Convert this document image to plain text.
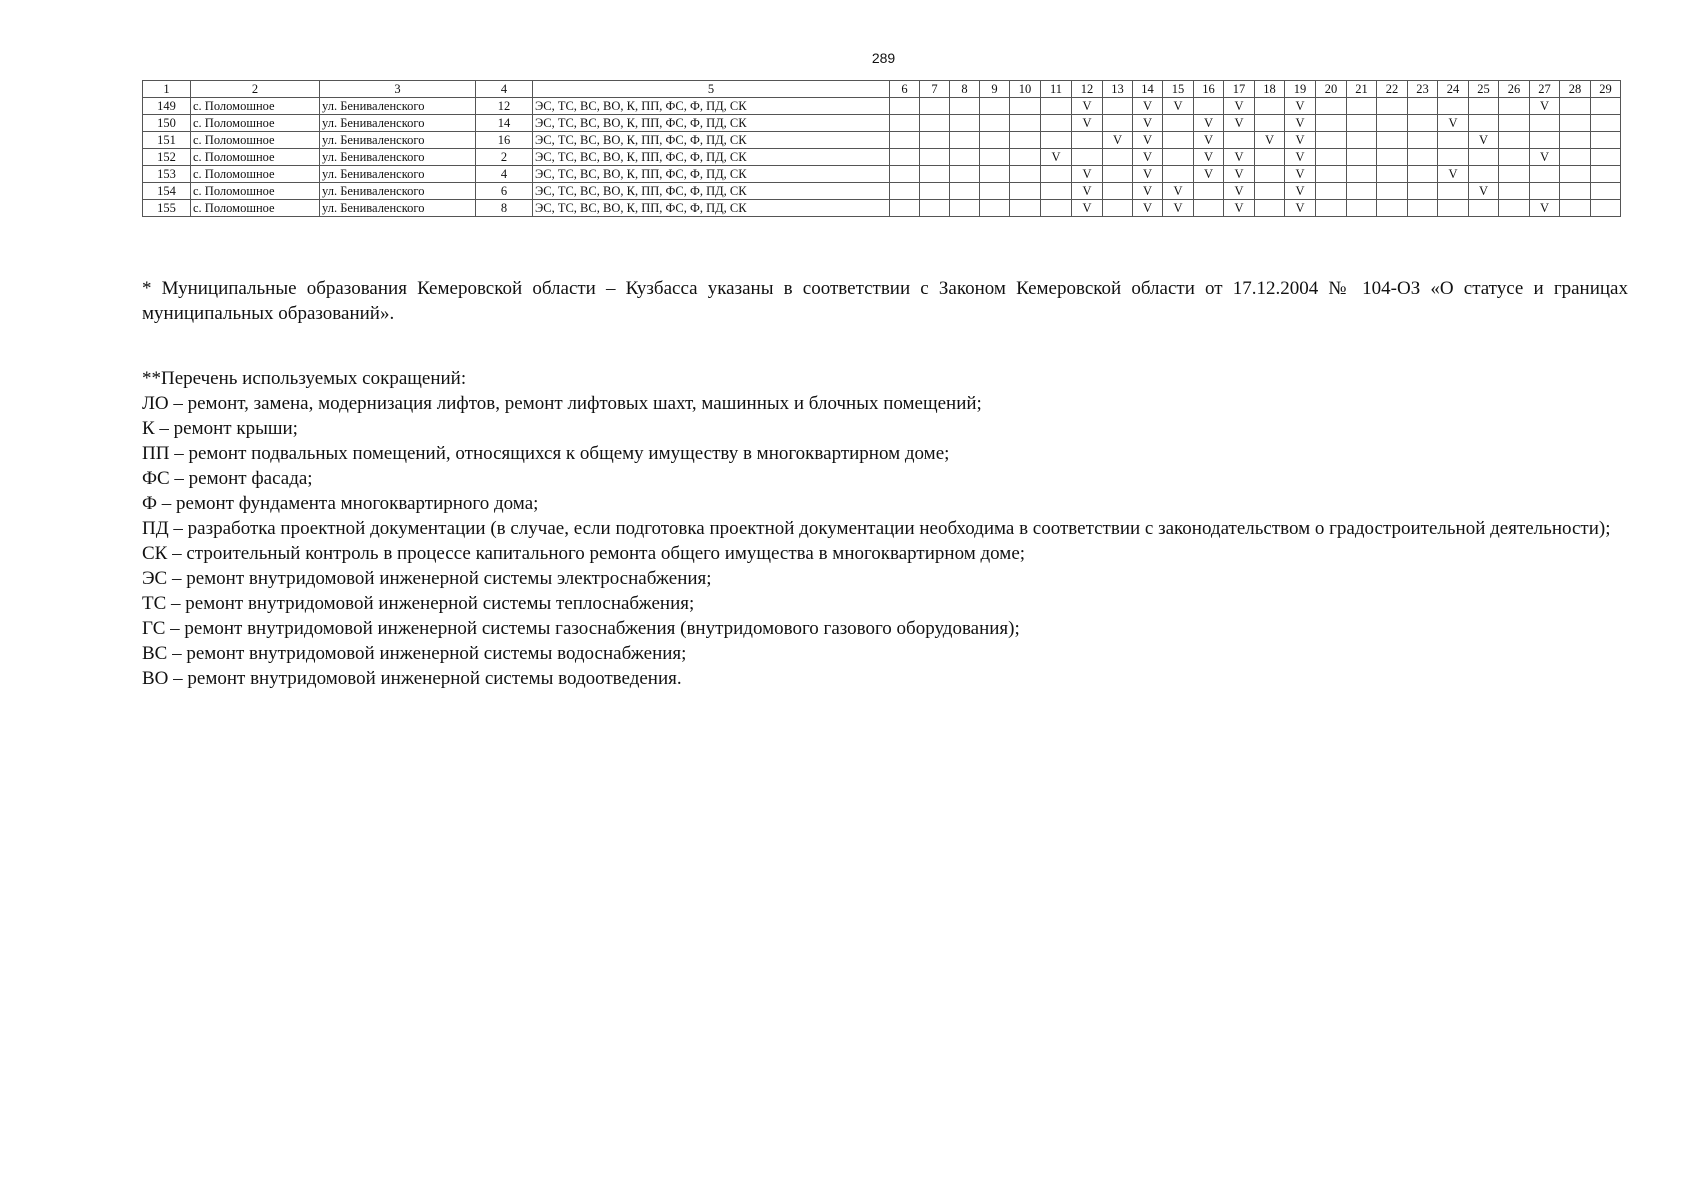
289
1	2	3	4	5	6	7	8	9	10	11	12	13	14	15	16	17	18	19	20	21	22	23	24	25	26	27	28	29
149	с. Поломошное	ул. Бениваленского	12	ЭС, ТС, ВС, ВО, К, ПП, ФС, Ф, ПД, СК							V		V	V		V		V								V		
150	с. Поломошное	ул. Бениваленского	14	ЭС, ТС, ВС, ВО, К, ПП, ФС, Ф, ПД, СК							V		V		V	V		V					V					
151	с. Поломошное	ул. Бениваленского	16	ЭС, ТС, ВС, ВО, К, ПП, ФС, Ф, ПД, СК								V	V		V		V	V						V				
152	с. Поломошное	ул. Бениваленского	2	ЭС, ТС, ВС, ВО, К, ПП, ФС, Ф, ПД, СК						V			V		V	V		V								V		
153	с. Поломошное	ул. Бениваленского	4	ЭС, ТС, ВС, ВО, К, ПП, ФС, Ф, ПД, СК							V		V		V	V		V					V					
154	с. Поломошное	ул. Бениваленского	6	ЭС, ТС, ВС, ВО, К, ПП, ФС, Ф, ПД, СК							V		V	V		V		V						V				
155	с. Поломошное	ул. Бениваленского	8	ЭС, ТС, ВС, ВО, К, ПП, ФС, Ф, ПД, СК							V		V	V		V		V								V		

* Муниципальные образования Кемеровской области – Кузбасса указаны в соответствии с Законом Кемеровской области от 17.12.2004 № 104-ОЗ «О статусе и границах муниципальных образований».

**Перечень используемых сокращений:

ЛО – ремонт, замена, модернизация лифтов, ремонт лифтовых шахт, машинных и блочных помещений;

К – ремонт крыши;

ПП – ремонт подвальных помещений, относящихся к общему имуществу в многоквартирном доме;

ФС – ремонт фасада;

Ф – ремонт фундамента многоквартирного дома;

ПД – разработка проектной документации (в случае, если подготовка проектной документации необходима в соответствии с законодательством о градостроительной деятельности);

СК – строительный контроль в процессе капитального ремонта общего имущества в многоквартирном доме;

ЭС – ремонт внутридомовой инженерной системы электроснабжения;

ТС – ремонт внутридомовой инженерной системы теплоснабжения;

ГС – ремонт внутридомовой инженерной системы газоснабжения (внутридомового газового оборудования);

ВС – ремонт внутридомовой инженерной системы водоснабжения;

ВО – ремонт внутридомовой инженерной системы водоотведения.
